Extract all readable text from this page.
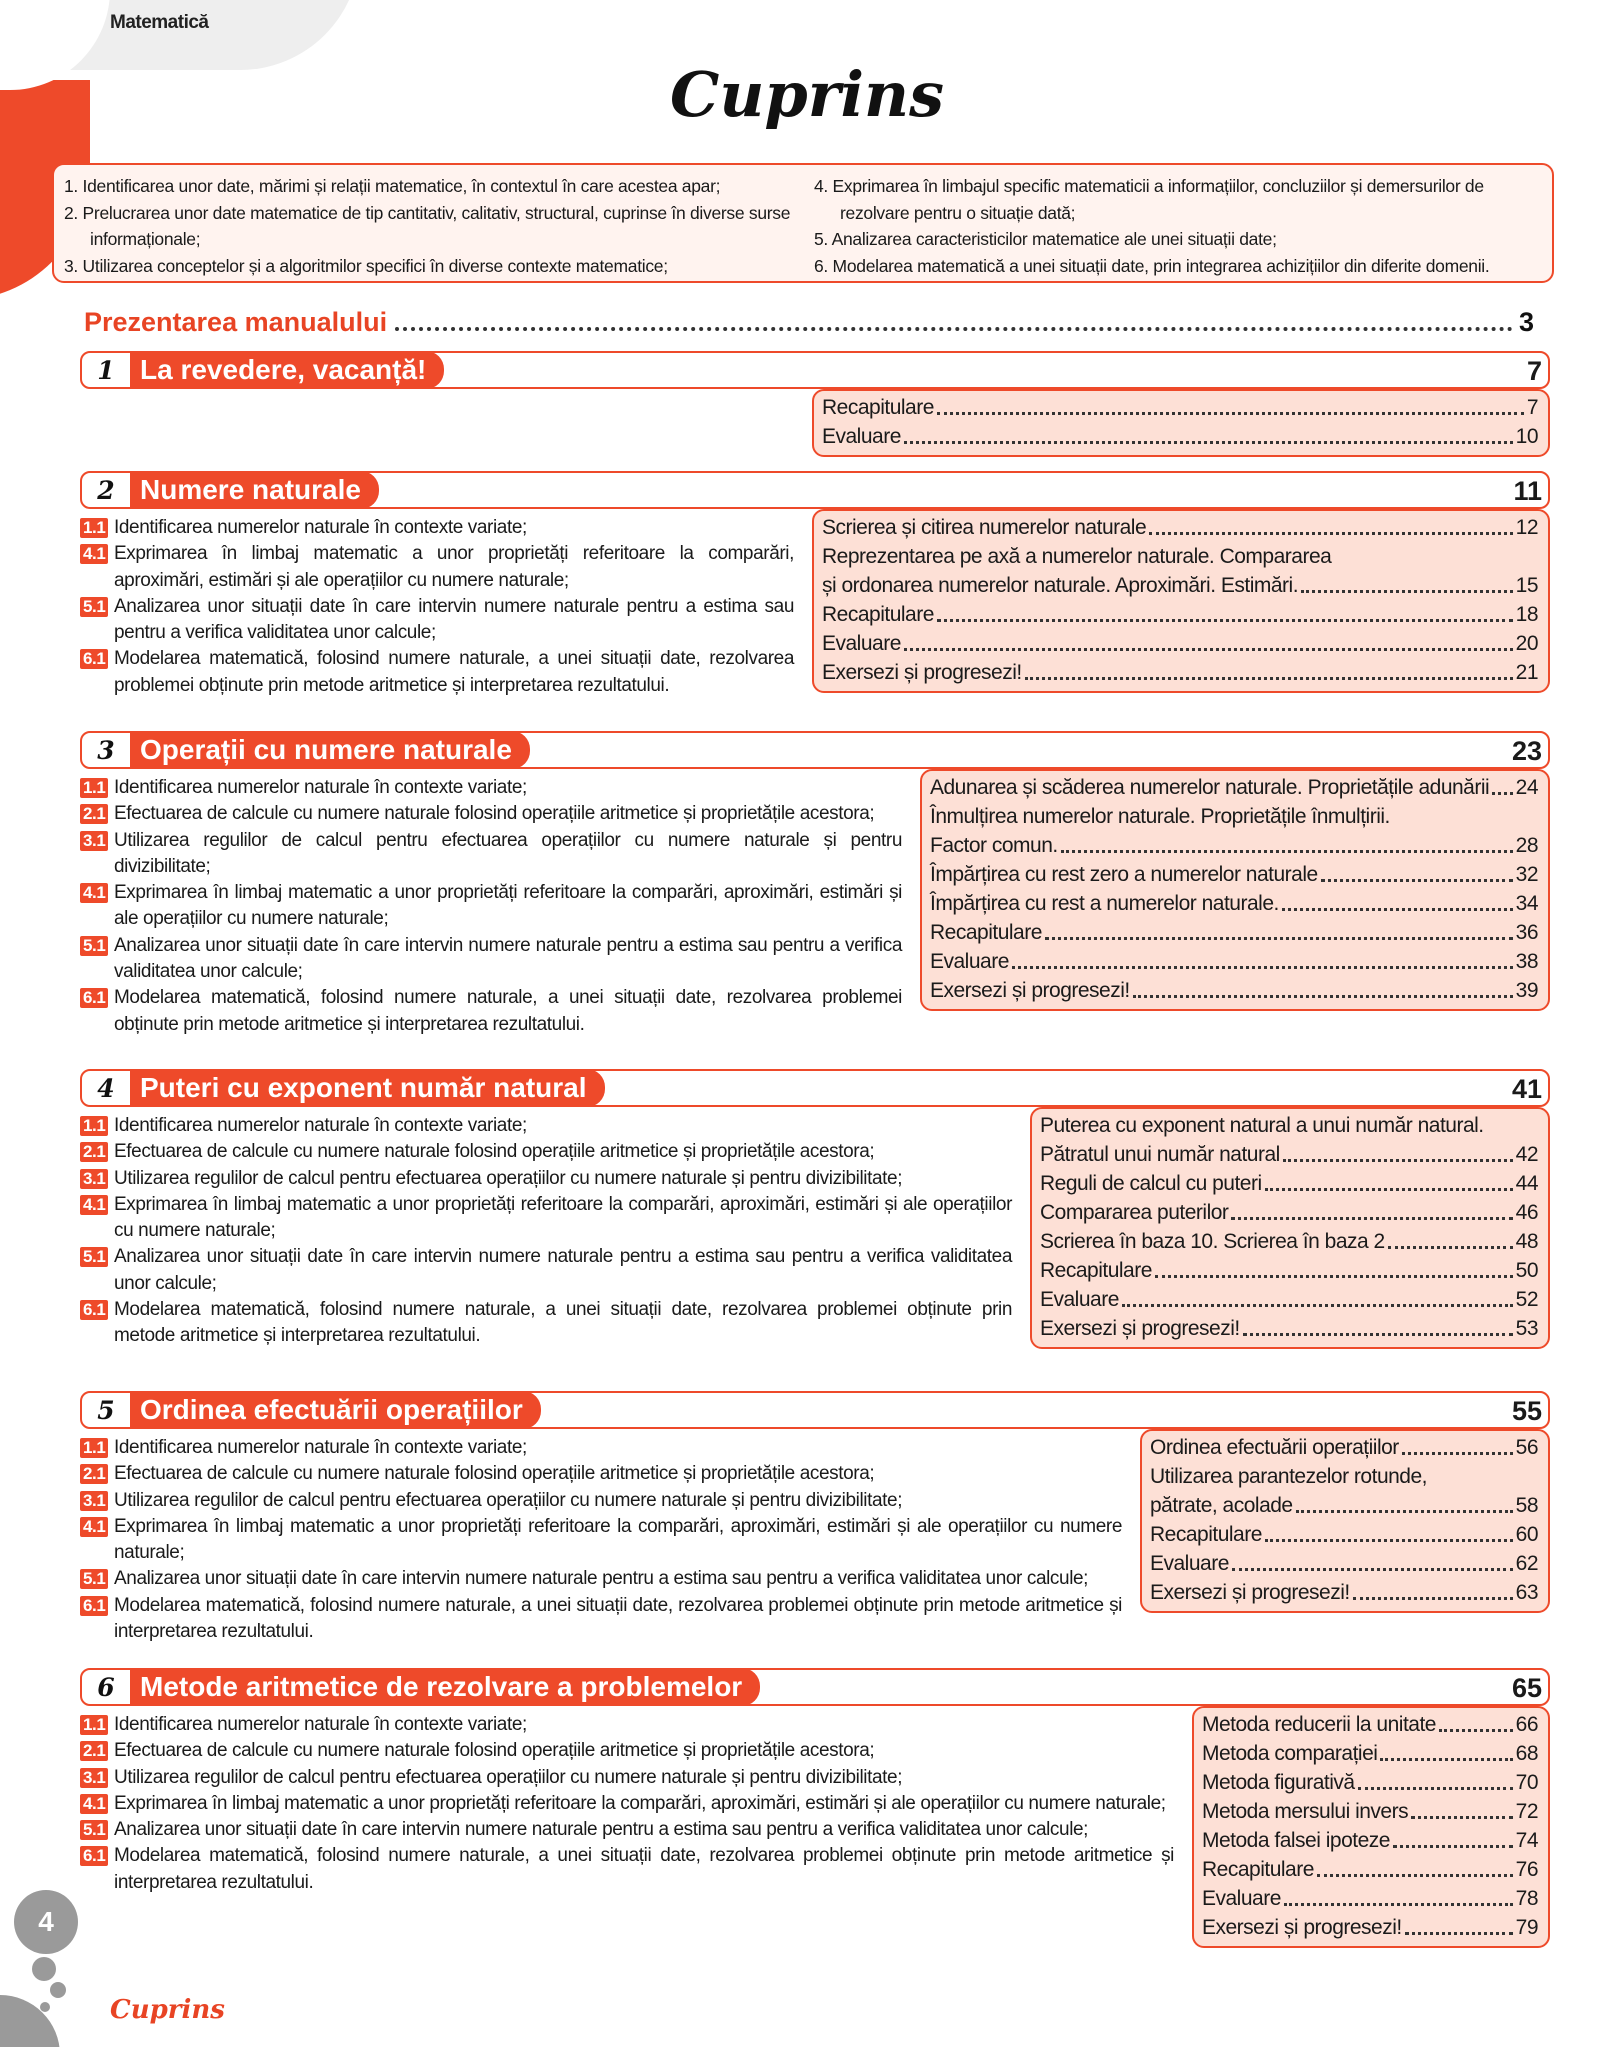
Matematică
Cuprins
1. Identificarea unor date, mărimi și relații matematice, în contextul în care acestea apar;
2. Prelucrarea unor date matematice de tip cantitativ, calitativ, structural, cuprinse în diverse surse informaționale;
3. Utilizarea conceptelor și a algoritmilor specifici în diverse contexte matematice;
4. Exprimarea în limbajul specific matematicii a informațiilor, concluziilor și demersurilor de rezolvare pentru o situație dată;
5. Analizarea caracteristicilor matematice ale unei situații date;
6. Modelarea matematică a unei situații date, prin integrarea achizițiilor din diferite domenii.
Prezentarea manualului	3
1 La revedere, vacanță!	7
Recapitulare	7
Evaluare	10
2 Numere naturale	11
1.1 Identificarea numerelor naturale în contexte variate;
4.1 Exprimarea în limbaj matematic a unor proprietăți referitoare la comparări, aproximări, estimări și ale operațiilor cu numere naturale;
5.1 Analizarea unor situații date în care intervin numere naturale pentru a estima sau pentru a verifica validitatea unor calcule;
6.1 Modelarea matematică, folosind numere naturale, a unei situații date, rezolvarea problemei obținute prin metode aritmetice și interpretarea rezultatului.
Scrierea și citirea numerelor naturale	12
Reprezentarea pe axă a numerelor naturale. Compararea
și ordonarea numerelor naturale. Aproximări. Estimări.	15
Recapitulare	18
Evaluare	20
Exersezi și progresezi!	21
3 Operații cu numere naturale	23
1.1 Identificarea numerelor naturale în contexte variate;
2.1 Efectuarea de calcule cu numere naturale folosind operațiile aritmetice și proprietățile acestora;
3.1 Utilizarea regulilor de calcul pentru efectuarea operațiilor cu numere naturale și pentru divizibilitate;
4.1 Exprimarea în limbaj matematic a unor proprietăți referitoare la comparări, aproximări, estimări și ale operațiilor cu numere naturale;
5.1 Analizarea unor situații date în care intervin numere naturale pentru a estima sau pentru a verifica validitatea unor calcule;
6.1 Modelarea matematică, folosind numere naturale, a unei situații date, rezolvarea problemei obținute prin metode aritmetice și interpretarea rezultatului.
Adunarea și scăderea numerelor naturale. Proprietățile adunării 24
Înmulțirea numerelor naturale. Proprietățile înmulțirii.
Factor comun.	28
Împărțirea cu rest zero a numerelor naturale	32
Împărțirea cu rest a numerelor naturale.	34
Recapitulare	36
Evaluare	38
Exersezi și progresezi!	39
4 Puteri cu exponent număr natural	41
1.1 Identificarea numerelor naturale în contexte variate;
2.1 Efectuarea de calcule cu numere naturale folosind operațiile aritmetice și proprietățile acestora;
3.1 Utilizarea regulilor de calcul pentru efectuarea operațiilor cu numere naturale și pentru divizibilitate;
4.1 Exprimarea în limbaj matematic a unor proprietăți referitoare la comparări, aproximări, estimări și ale operațiilor cu numere naturale;
5.1 Analizarea unor situații date în care intervin numere naturale pentru a estima sau pentru a verifica validitatea unor calcule;
6.1 Modelarea matematică, folosind numere naturale, a unei situații date, rezolvarea problemei obținute prin metode aritmetice și interpretarea rezultatului.
Puterea cu exponent natural a unui număr natural.
Pătratul unui număr natural	42
Reguli de calcul cu puteri	44
Compararea puterilor	46
Scrierea în baza 10. Scrierea în baza 2	48
Recapitulare	50
Evaluare	52
Exersezi și progresezi!	53
5 Ordinea efectuării operațiilor	55
1.1 Identificarea numerelor naturale în contexte variate;
2.1 Efectuarea de calcule cu numere naturale folosind operațiile aritmetice și proprietățile acestora;
3.1 Utilizarea regulilor de calcul pentru efectuarea operațiilor cu numere naturale și pentru divizibilitate;
4.1 Exprimarea în limbaj matematic a unor proprietăți referitoare la comparări, aproximări, estimări și ale operațiilor cu numere naturale;
5.1 Analizarea unor situații date în care intervin numere naturale pentru a estima sau pentru a verifica validitatea unor calcule;
6.1 Modelarea matematică, folosind numere naturale, a unei situații date, rezolvarea problemei obținute prin metode aritmetice și interpretarea rezultatului.
Ordinea efectuării operațiilor	56
Utilizarea parantezelor rotunde,
pătrate, acolade	58
Recapitulare	60
Evaluare	62
Exersezi și progresezi!	63
6 Metode aritmetice de rezolvare a problemelor	65
1.1 Identificarea numerelor naturale în contexte variate;
2.1 Efectuarea de calcule cu numere naturale folosind operațiile aritmetice și proprietățile acestora;
3.1 Utilizarea regulilor de calcul pentru efectuarea operațiilor cu numere naturale și pentru divizibilitate;
4.1 Exprimarea în limbaj matematic a unor proprietăți referitoare la comparări, aproximări, estimări și ale operațiilor cu numere naturale;
5.1 Analizarea unor situații date în care intervin numere naturale pentru a estima sau pentru a verifica validitatea unor calcule;
6.1 Modelarea matematică, folosind numere naturale, a unei situații date, rezolvarea problemei obținute prin metode aritmetice și interpretarea rezultatului.
Metoda reducerii la unitate	66
Metoda comparației	68
Metoda figurativă	70
Metoda mersului invers	72
Metoda falsei ipoteze	74
Recapitulare	76
Evaluare	78
Exersezi și progresezi!	79
4
Cuprins
